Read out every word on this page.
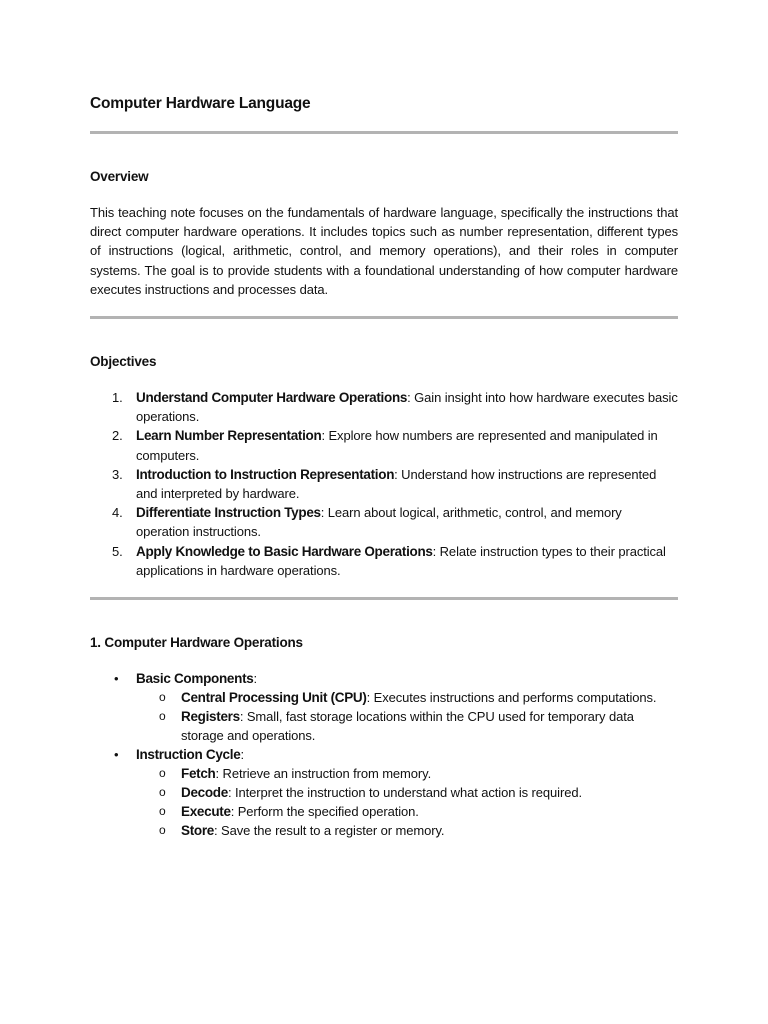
Computer Hardware Language
Overview

This teaching note focuses on the fundamentals of hardware language, specifically the instructions that direct computer hardware operations. It includes topics such as number representation, different types of instructions (logical, arithmetic, control, and memory operations), and their roles in computer systems. The goal is to provide students with a foundational understanding of how computer hardware executes instructions and processes data.

Objectives
1. Understand Computer Hardware Operations: Gain insight into how hardware executes basic operations.
2. Learn Number Representation: Explore how numbers are represented and manipulated in computers.
3. Introduction to Instruction Representation: Understand how instructions are represented and interpreted by hardware.
4. Differentiate Instruction Types: Learn about logical, arithmetic, control, and memory operation instructions.
5. Apply Knowledge to Basic Hardware Operations: Relate instruction types to their practical applications in hardware operations.
1. Computer Hardware Operations
• Basic Components:
o Central Processing Unit (CPU): Executes instructions and performs computations.
o Registers: Small, fast storage locations within the CPU used for temporary data storage and operations.
• Instruction Cycle:
o Fetch: Retrieve an instruction from memory.
o Decode: Interpret the instruction to understand what action is required.
o Execute: Perform the specified operation.
o Store: Save the result to a register or memory.
